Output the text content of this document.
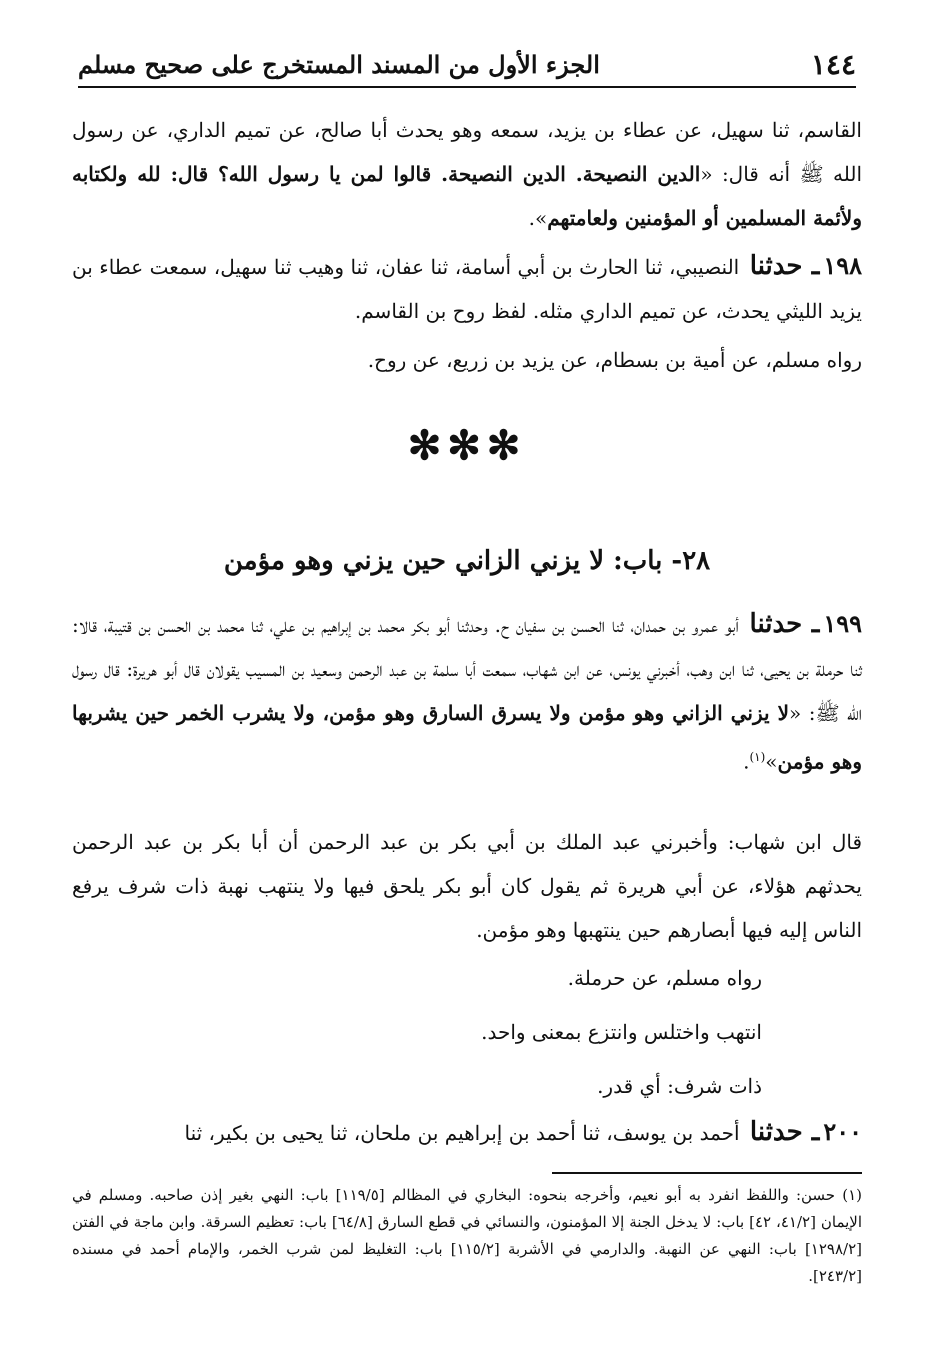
١٤٤
الجزء الأول من المسند المستخرج على صحيح مسلم
القاسم، ثنا سهيل، عن عطاء بن يزيد، سمعه وهو يحدث أبا صالح، عن تميم الداري، عن رسول الله ﷺ أنه قال: «الدين النصيحة. الدين النصيحة. قالوا لمن يا رسول الله؟ قال: لله ولكتابه ولأئمة المسلمين أو المؤمنين ولعامتهم».
١٩٨ـ حدثنا النصيبي، ثنا الحارث بن أبي أسامة، ثنا عفان، ثنا وهيب ثنا سهيل، سمعت عطاء بن يزيد الليثي يحدث، عن تميم الداري مثله. لفظ روح بن القاسم.
رواه مسلم، عن أمية بن بسطام، عن يزيد بن زريع، عن روح.
✻✻✻
٢٨- باب: لا يزني الزاني حين يزني وهو مؤمن
١٩٩ـ حدثنا أبو عمرو بن حمدان، ثنا الحسن بن سفيان ح. وحدثنا أبو بكر محمد بن إبراهيم بن علي، ثنا محمد بن الحسن بن قتيبة، قالا: ثنا حرملة بن يحيى، ثنا ابن وهب، أخبرني يونس، عن ابن شهاب، سمعت أبا سلمة بن عبد الرحمن وسعيد بن المسيب يقولان قال أبو هريرة: قال رسول الله ﷺ: «لا يزني الزاني وهو مؤمن ولا يسرق السارق وهو مؤمن، ولا يشرب الخمر حين يشربها وهو مؤمن»$^{(١)}$.
قال ابن شهاب: وأخبرني عبد الملك بن أبي بكر بن عبد الرحمن أن أبا بكر بن عبد الرحمن يحدثهم هؤلاء، عن أبي هريرة ثم يقول كان أبو بكر يلحق فيها ولا ينتهب نهبة ذات شرف يرفع الناس إليه فيها أبصارهم حين ينتهبها وهو مؤمن.
رواه مسلم، عن حرملة.
انتهب واختلس وانتزع بمعنى واحد.
ذات شرف: أي قدر.
٢٠٠ـ حدثنا أحمد بن يوسف، ثنا أحمد بن إبراهيم بن ملحان، ثنا يحيى بن بكير، ثنا
(١) حسن: واللفظ انفرد به أبو نعيم، وأخرجه بنحوه: البخاري في المظالم [١١٩/٥] باب: النهي بغير إذن صاحبه. ومسلم في الإيمان [٤١/٢، ٤٢] باب: لا يدخل الجنة إلا المؤمنون، والنسائي في قطع السارق [٦٤/٨] باب: تعظيم السرقة. وابن ماجة في الفتن [١٢٩٨/٢] باب: النهي عن النهبة. والدارمي في الأشربة [١١٥/٢] باب: التغليظ لمن شرب الخمر، والإمام أحمد في مسنده [٢٤٣/٢].
